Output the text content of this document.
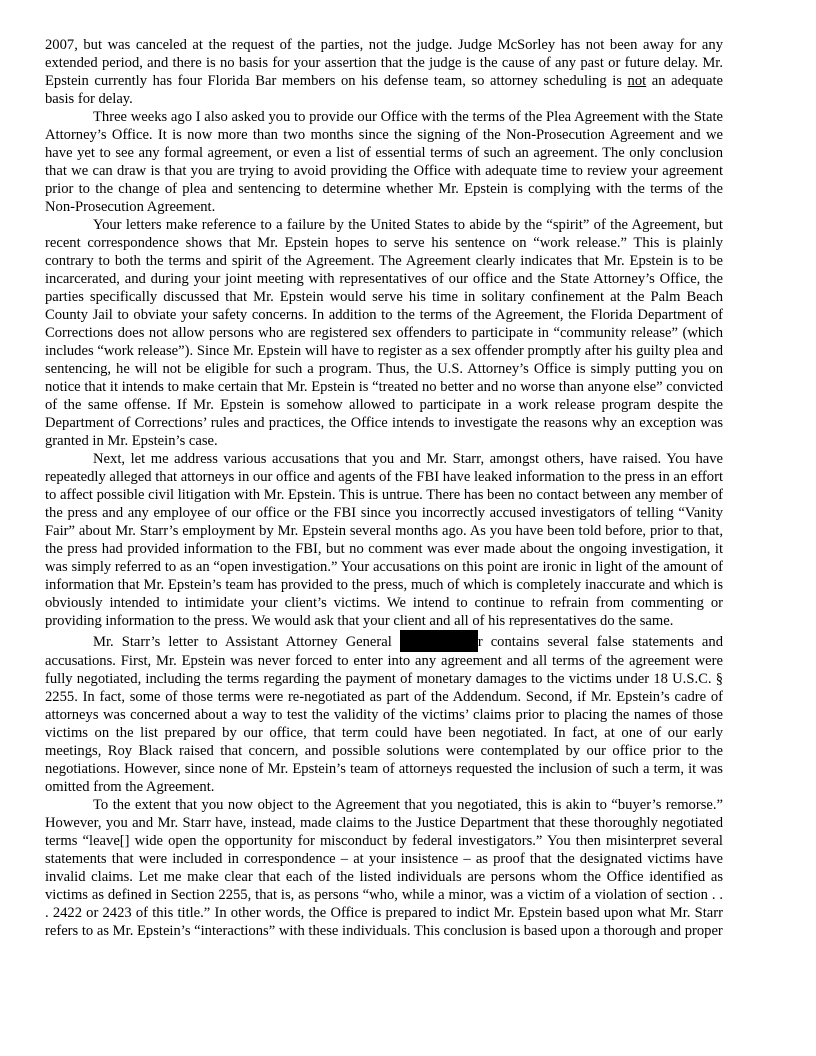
2007, but was canceled at the request of the parties, not the judge. Judge McSorley has not been away for any extended period, and there is no basis for your assertion that the judge is the cause of any past or future delay. Mr. Epstein currently has four Florida Bar members on his defense team, so attorney scheduling is not an adequate basis for delay.

Three weeks ago I also asked you to provide our Office with the terms of the Plea Agreement with the State Attorney’s Office. It is now more than two months since the signing of the Non-Prosecution Agreement and we have yet to see any formal agreement, or even a list of essential terms of such an agreement. The only conclusion that we can draw is that you are trying to avoid providing the Office with adequate time to review your agreement prior to the change of plea and sentencing to determine whether Mr. Epstein is complying with the terms of the Non-Prosecution Agreement.

Your letters make reference to a failure by the United States to abide by the “spirit” of the Agreement, but recent correspondence shows that Mr. Epstein hopes to serve his sentence on “work release.” This is plainly contrary to both the terms and spirit of the Agreement. The Agreement clearly indicates that Mr. Epstein is to be incarcerated, and during your joint meeting with representatives of our office and the State Attorney’s Office, the parties specifically discussed that Mr. Epstein would serve his time in solitary confinement at the Palm Beach County Jail to obviate your safety concerns. In addition to the terms of the Agreement, the Florida Department of Corrections does not allow persons who are registered sex offenders to participate in “community release” (which includes “work release”). Since Mr. Epstein will have to register as a sex offender promptly after his guilty plea and sentencing, he will not be eligible for such a program. Thus, the U.S. Attorney’s Office is simply putting you on notice that it intends to make certain that Mr. Epstein is “treated no better and no worse than anyone else” convicted of the same offense. If Mr. Epstein is somehow allowed to participate in a work release program despite the Department of Corrections’ rules and practices, the Office intends to investigate the reasons why an exception was granted in Mr. Epstein’s case.

Next, let me address various accusations that you and Mr. Starr, amongst others, have raised. You have repeatedly alleged that attorneys in our office and agents of the FBI have leaked information to the press in an effort to affect possible civil litigation with Mr. Epstein. This is untrue. There has been no contact between any member of the press and any employee of our office or the FBI since you incorrectly accused investigators of telling “Vanity Fair” about Mr. Starr’s employment by Mr. Epstein several months ago. As you have been told before, prior to that, the press had provided information to the FBI, but no comment was ever made about the ongoing investigation, it was simply referred to as an “open investigation.” Your accusations on this point are ironic in light of the amount of information that Mr. Epstein’s team has provided to the press, much of which is completely inaccurate and which is obviously intended to intimidate your client’s victims. We intend to continue to refrain from commenting or providing information to the press. We would ask that your client and all of his representatives do the same.

Mr. Starr’s letter to Assistant Attorney General	r contains several false statements and accusations. First, Mr. Epstein was never forced to enter into any agreement and all terms of the agreement were fully negotiated, including the terms regarding the payment of monetary damages to the victims under 18 U.S.C. § 2255. In fact, some of those terms were re-negotiated as part of the Addendum. Second, if Mr. Epstein’s cadre of attorneys was concerned about a way to test the validity of the victims’ claims prior to placing the names of those victims on the list prepared by our office, that term could have been negotiated. In fact, at one of our early meetings, Roy Black raised that concern, and possible solutions were contemplated by our office prior to the negotiations. However, since none of Mr. Epstein’s team of attorneys requested the inclusion of such a term, it was omitted from the Agreement.

To the extent that you now object to the Agreement that you negotiated, this is akin to “buyer’s remorse.” However, you and Mr. Starr have, instead, made claims to the Justice Department that these thoroughly negotiated terms “leave[] wide open the opportunity for misconduct by federal investigators.” You then misinterpret several statements that were included in correspondence – at your insistence – as proof that the designated victims have invalid claims. Let me make clear that each of the listed individuals are persons whom the Office identified as victims as defined in Section 2255, that is, as persons “who, while a minor, was a victim of a violation of section . . . 2422 or 2423 of this title.” In other words, the Office is prepared to indict Mr. Epstein based upon what Mr. Starr refers to as Mr. Epstein’s “interactions” with these individuals. This conclusion is based upon a thorough and proper
